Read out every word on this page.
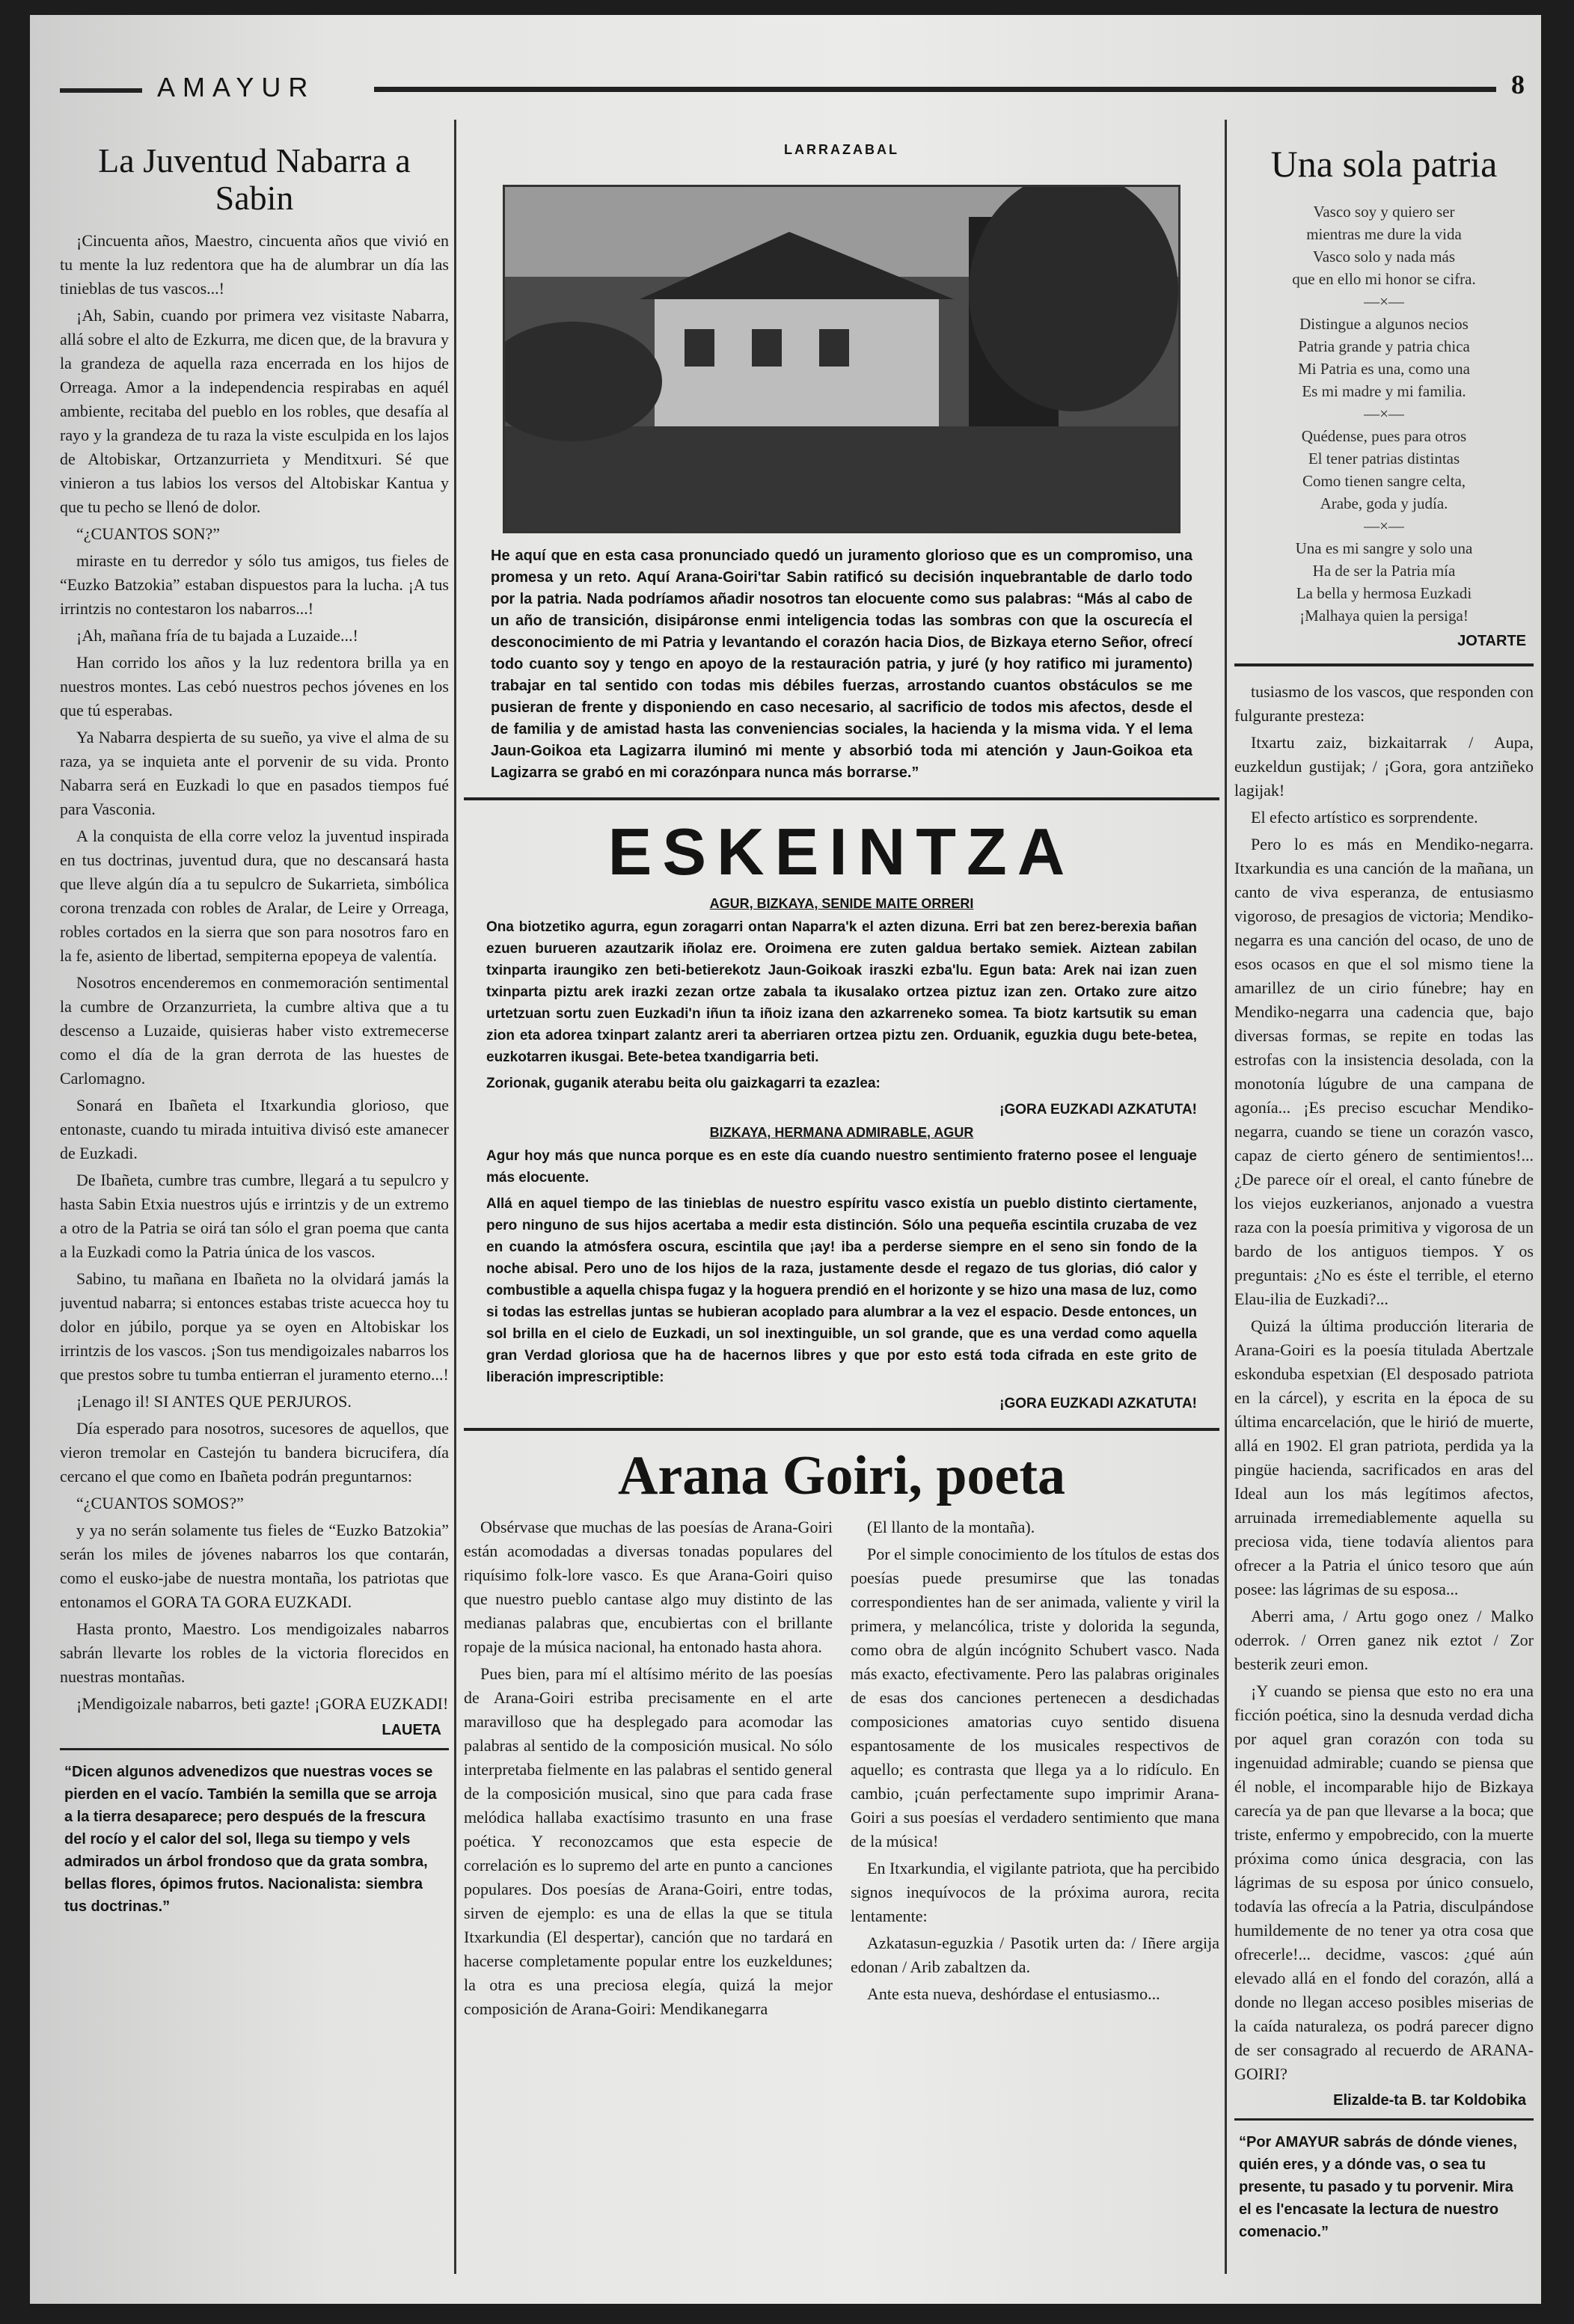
AMAYUR	8
La Juventud Nabarra a Sabin

¡Cincuenta años, Maestro, cincuenta años que vivió en tu mente la luz redentora que ha de alumbrar un día las tinieblas de tus vascos...!

¡Ah, Sabin, cuando por primera vez visitaste Nabarra, allá sobre el alto de Ezkurra, me dicen que, de la bravura y la grandeza de aquella raza encerrada en los hijos de Orreaga. Amor a la independencia respirabas en aquél ambiente, recitaba del pueblo en los robles, que desafía al rayo y la grandeza de tu raza la viste esculpida en los lajos de Altobiskar, Ortzanzurrieta y Menditxuri. Sé que vinieron a tus labios los versos del Altobiskar Kantua y que tu pecho se llenó de dolor.

“¿CUANTOS SON?”

miraste en tu derredor y sólo tus amigos, tus fieles de “Euzko Batzokia” estaban dispuestos para la lucha. ¡A tus irrintzis no contestaron los nabarros...!

¡Ah, mañana fría de tu bajada a Luzaide...!

Han corrido los años y la luz redentora brilla ya en nuestros montes. Las cebó nuestros pechos jóvenes en los que tú esperabas.

Ya Nabarra despierta de su sueño, ya vive el alma de su raza, ya se inquieta ante el porvenir de su vida. Pronto Nabarra será en Euzkadi lo que en pasados tiempos fué para Vasconia.

A la conquista de ella corre veloz la juventud inspirada en tus doctrinas, juventud dura, que no descansará hasta que lleve algún día a tu sepulcro de Sukarrieta, simbólica corona trenzada con robles de Aralar, de Leire y Orreaga, robles cortados en la sierra que son para nosotros faro en la fe, asiento de libertad, sempiterna epopeya de valentía.

Nosotros encenderemos en conmemoración sentimental la cumbre de Orzanzurrieta, la cumbre altiva que a tu descenso a Luzaide, quisieras haber visto extremecerse como el día de la gran derrota de las huestes de Carlomagno.

Sonará en Ibañeta el Itxarkundia glorioso, que entonaste, cuando tu mirada intuitiva divisó este amanecer de Euzkadi.

De Ibañeta, cumbre tras cumbre, llegará a tu sepulcro y hasta Sabin Etxia nuestros ujús e irrintzis y de un extremo a otro de la Patria se oirá tan sólo el gran poema que canta a la Euzkadi como la Patria única de los vascos.

Sabino, tu mañana en Ibañeta no la olvidará jamás la juventud nabarra; si entonces estabas triste acuecca hoy tu dolor en júbilo, porque ya se oyen en Altobiskar los irrintzis de los vascos. ¡Son tus mendigoizales nabarros los que prestos sobre tu tumba entierran el juramento eterno...!

¡Lenago il! SI ANTES QUE PERJUROS.

Día esperado para nosotros, sucesores de aquellos, que vieron tremolar en Castejón tu bandera bicrucifera, día cercano el que como en Ibañeta podrán preguntarnos:

“¿CUANTOS SOMOS?”

y ya no serán solamente tus fieles de “Euzko Batzokia” serán los miles de jóvenes nabarros los que contarán, como el eusko-jabe de nuestra montaña, los patriotas que entonamos el GORA TA GORA EUZKADI.

Hasta pronto, Maestro. Los mendigoizales nabarros sabrán llevarte los robles de la victoria florecidos en nuestras montañas.

¡Mendigoizale nabarros, beti gazte! ¡GORA EUZKADI!

LAUETA
“Dicen algunos advenedizos que nuestras voces se pierden en el vacío. También la semilla que se arroja a la tierra desaparece; pero después de la frescura del rocío y el calor del sol, llega su tiempo y vels admirados un árbol frondoso que da grata sombra, bellas flores, ópimos frutos. Nacionalista: siembra tus doctrinas.”
LARRAZABAL
He aquí que en esta casa pronunciado quedó un juramento glorioso que es un compromiso, una promesa y un reto. Aquí Arana-Goiri'tar Sabin ratificó su decisión inquebrantable de darlo todo por la patria. Nada podríamos añadir nosotros tan elocuente como sus palabras: “Más al cabo de un año de transición, disipáronse enmi inteligencia todas las sombras con que la oscurecía el desconocimiento de mi Patria y levantando el corazón hacia Dios, de Bizkaya eterno Señor, ofrecí todo cuanto soy y tengo en apoyo de la restauración patria, y juré (y hoy ratifico mi juramento) trabajar en tal sentido con todas mis débiles fuerzas, arrostando cuantos obstáculos se me pusieran de frente y disponiendo en caso necesario, al sacrificio de todos mis afectos, desde el de familia y de amistad hasta las conveniencias sociales, la hacienda y la misma vida. Y el lema Jaun-Goikoa eta Lagizarra iluminó mi mente y absorbió toda mi atención y Jaun-Goikoa eta Lagizarra se grabó en mi corazónpara nunca más borrarse.”
ESKEINTZA
AGUR, BIZKAYA, SENIDE MAITE ORRERI
Ona biotzetiko agurra, egun zoragarri ontan Naparra'k el azten dizuna. Erri bat zen berez-berexia bañan ezuen burueren azautzarik iñolaz ere. Oroimena ere zuten galdua bertako semiek. Aiztean zabilan txinparta iraungiko zen beti-betierekotz Jaun-Goikoak iraszki ezba'lu. Egun bata: Arek nai izan zuen txinparta piztu arek irazki zezan ortze zabala ta ikusalako ortzea piztuz izan zen. Ortako zure aitzo urtetzuan sortu zuen Euzkadi'n iñun ta iñoiz izana den azkarreneko somea. Ta biotz kartsutik su eman zion eta adorea txinpart zalantz areri ta aberriaren ortzea piztu zen. Orduanik, eguzkia dugu bete-betea, euzkotarren ikusgai. Bete-betea txandigarria beti.
Zorionak, guganik aterabu beita olu gaizkagarri ta ezazlea:
¡GORA EUZKADI AZKATUTA!
BIZKAYA, HERMANA ADMIRABLE, AGUR
Agur hoy más que nunca porque es en este día cuando nuestro sentimiento fraterno posee el lenguaje más elocuente.
Allá en aquel tiempo de las tinieblas de nuestro espíritu vasco existía un pueblo distinto ciertamente, pero ninguno de sus hijos acertaba a medir esta distinción. Sólo una pequeña escintila cruzaba de vez en cuando la atmósfera oscura, escintila que ¡ay! iba a perderse siempre en el seno sin fondo de la noche abisal. Pero uno de los hijos de la raza, justamente desde el regazo de tus glorias, dió calor y combustible a aquella chispa fugaz y la hoguera prendió en el horizonte y se hizo una masa de luz, como si todas las estrellas juntas se hubieran acoplado para alumbrar a la vez el espacio. Desde entonces, un sol brilla en el cielo de Euzkadi, un sol inextinguible, un sol grande, que es una verdad como aquella gran Verdad gloriosa que ha de hacernos libres y que por esto está toda cifrada en este grito de liberación imprescriptible:
¡GORA EUZKADI AZKATUTA!
Arana Goiri, poeta

Obsérvase que muchas de las poesías de Arana-Goiri están acomodadas a diversas tonadas populares del riquísimo folk-lore vasco. Es que Arana-Goiri quiso que nuestro pueblo cantase algo muy distinto de las medianas palabras que, encubiertas con el brillante ropaje de la música nacional, ha entonado hasta ahora.

Pues bien, para mí el altísimo mérito de las poesías de Arana-Goiri estriba precisamente en el arte maravilloso que ha desplegado para acomodar las palabras al sentido de la composición musical. No sólo interpretaba fielmente en las palabras el sentido general de la composición musical, sino que para cada frase melódica hallaba exactísimo trasunto en una frase poética. Y reconozcamos que esta especie de correlación es lo supremo del arte en punto a canciones populares. Dos poesías de Arana-Goiri, entre todas, sirven de ejemplo: es una de ellas la que se titula Itxarkundia (El despertar), canción que no tardará en hacerse completamente popular entre los euzkeldunes; la otra es una preciosa elegía, quizá la mejor composición de Arana-Goiri: Mendikanegarra

(El llanto de la montaña).

Por el simple conocimiento de los títulos de estas dos poesías puede presumirse que las tonadas correspondientes han de ser animada, valiente y viril la primera, y melancólica, triste y dolorida la segunda, como obra de algún incógnito Schubert vasco. Nada más exacto, efectivamente. Pero las palabras originales de esas dos canciones pertenecen a desdichadas composiciones amatorias cuyo sentido disuena espantosamente de los musicales respectivos de aquello; es contrasta que llega ya a lo ridículo. En cambio, ¡cuán perfectamente supo imprimir Arana-Goiri a sus poesías el verdadero sentimiento que mana de la música!

En Itxarkundia, el vigilante patriota, que ha percibido signos inequívocos de la próxima aurora, recita lentamente:

Azkatasun-eguzkia / Pasotik urten da: / Iñere argija edonan / Arib zabaltzen da.

Ante esta nueva, deshórdase el entusiasmo...

Una sola patria

Vasco soy y quiero ser

mientras me dure la vida

Vasco solo y nada más

que en ello mi honor se cifra.

—×—

Distingue a algunos necios

Patria grande y patria chica

Mi Patria es una, como una

Es mi madre y mi familia.

—×—

Quédense, pues para otros

El tener patrias distintas

Como tienen sangre celta,

Arabe, goda y judía.

—×—

Una es mi sangre y solo una

Ha de ser la Patria mía

La bella y hermosa Euzkadi

¡Malhaya quien la persiga!

JOTARTE

tusiasmo de los vascos, que responden con fulgurante presteza:

Itxartu zaiz, bizkaitarrak / Aupa, euzkeldun gustijak; / ¡Gora, gora antziñeko lagijak!

El efecto artístico es sorprendente.

Pero lo es más en Mendiko-negarra. Itxarkundia es una canción de la mañana, un canto de viva esperanza, de entusiasmo vigoroso, de presagios de victoria; Mendiko-negarra es una canción del ocaso, de uno de esos ocasos en que el sol mismo tiene la amarillez de un cirio fúnebre; hay en Mendiko-negarra una cadencia que, bajo diversas formas, se repite en todas las estrofas con la insistencia desolada, con la monotonía lúgubre de una campana de agonía... ¡Es preciso escuchar Mendiko-negarra, cuando se tiene un corazón vasco, capaz de cierto género de sentimientos!... ¿De parece oír el oreal, el canto fúnebre de los viejos euzkerianos, anjonado a vuestra raza con la poesía primitiva y vigorosa de un bardo de los antiguos tiempos. Y os preguntais: ¿No es éste el terrible, el eterno Elau-ilia de Euzkadi?...

Quizá la última producción literaria de Arana-Goiri es la poesía titulada Abertzale eskonduba espetxian (El desposado patriota en la cárcel), y escrita en la época de su última encarcelación, que le hirió de muerte, allá en 1902. El gran patriota, perdida ya la pingüe hacienda, sacrificados en aras del Ideal aun los más legítimos afectos, arruinada irremediablemente aquella su preciosa vida, tiene todavía alientos para ofrecer a la Patria el único tesoro que aún posee: las lágrimas de su esposa...

Aberri ama, / Artu gogo onez / Malko oderrok. / Orren ganez nik eztot / Zor besterik zeuri emon.

¡Y cuando se piensa que esto no era una ficción poética, sino la desnuda verdad dicha por aquel gran corazón con toda su ingenuidad admirable; cuando se piensa que él noble, el incomparable hijo de Bizkaya carecía ya de pan que llevarse a la boca; que triste, enfermo y empobrecido, con la muerte próxima como única desgracia, con las lágrimas de su esposa por único consuelo, todavía las ofrecía a la Patria, disculpándose humildemente de no tener ya otra cosa que ofrecerle!... decidme, vascos: ¿qué aún elevado allá en el fondo del corazón, allá a donde no llegan acceso posibles miserias de la caída naturaleza, os podrá parecer digno de ser consagrado al recuerdo de ARANA-GOIRI?

Elizalde-ta B. tar Koldobika
“Por AMAYUR sabrás de dónde vienes, quién eres, y a dónde vas, o sea tu presente, tu pasado y tu porvenir. Mira el es l'encasate la lectura de nuestro comenacio.”
